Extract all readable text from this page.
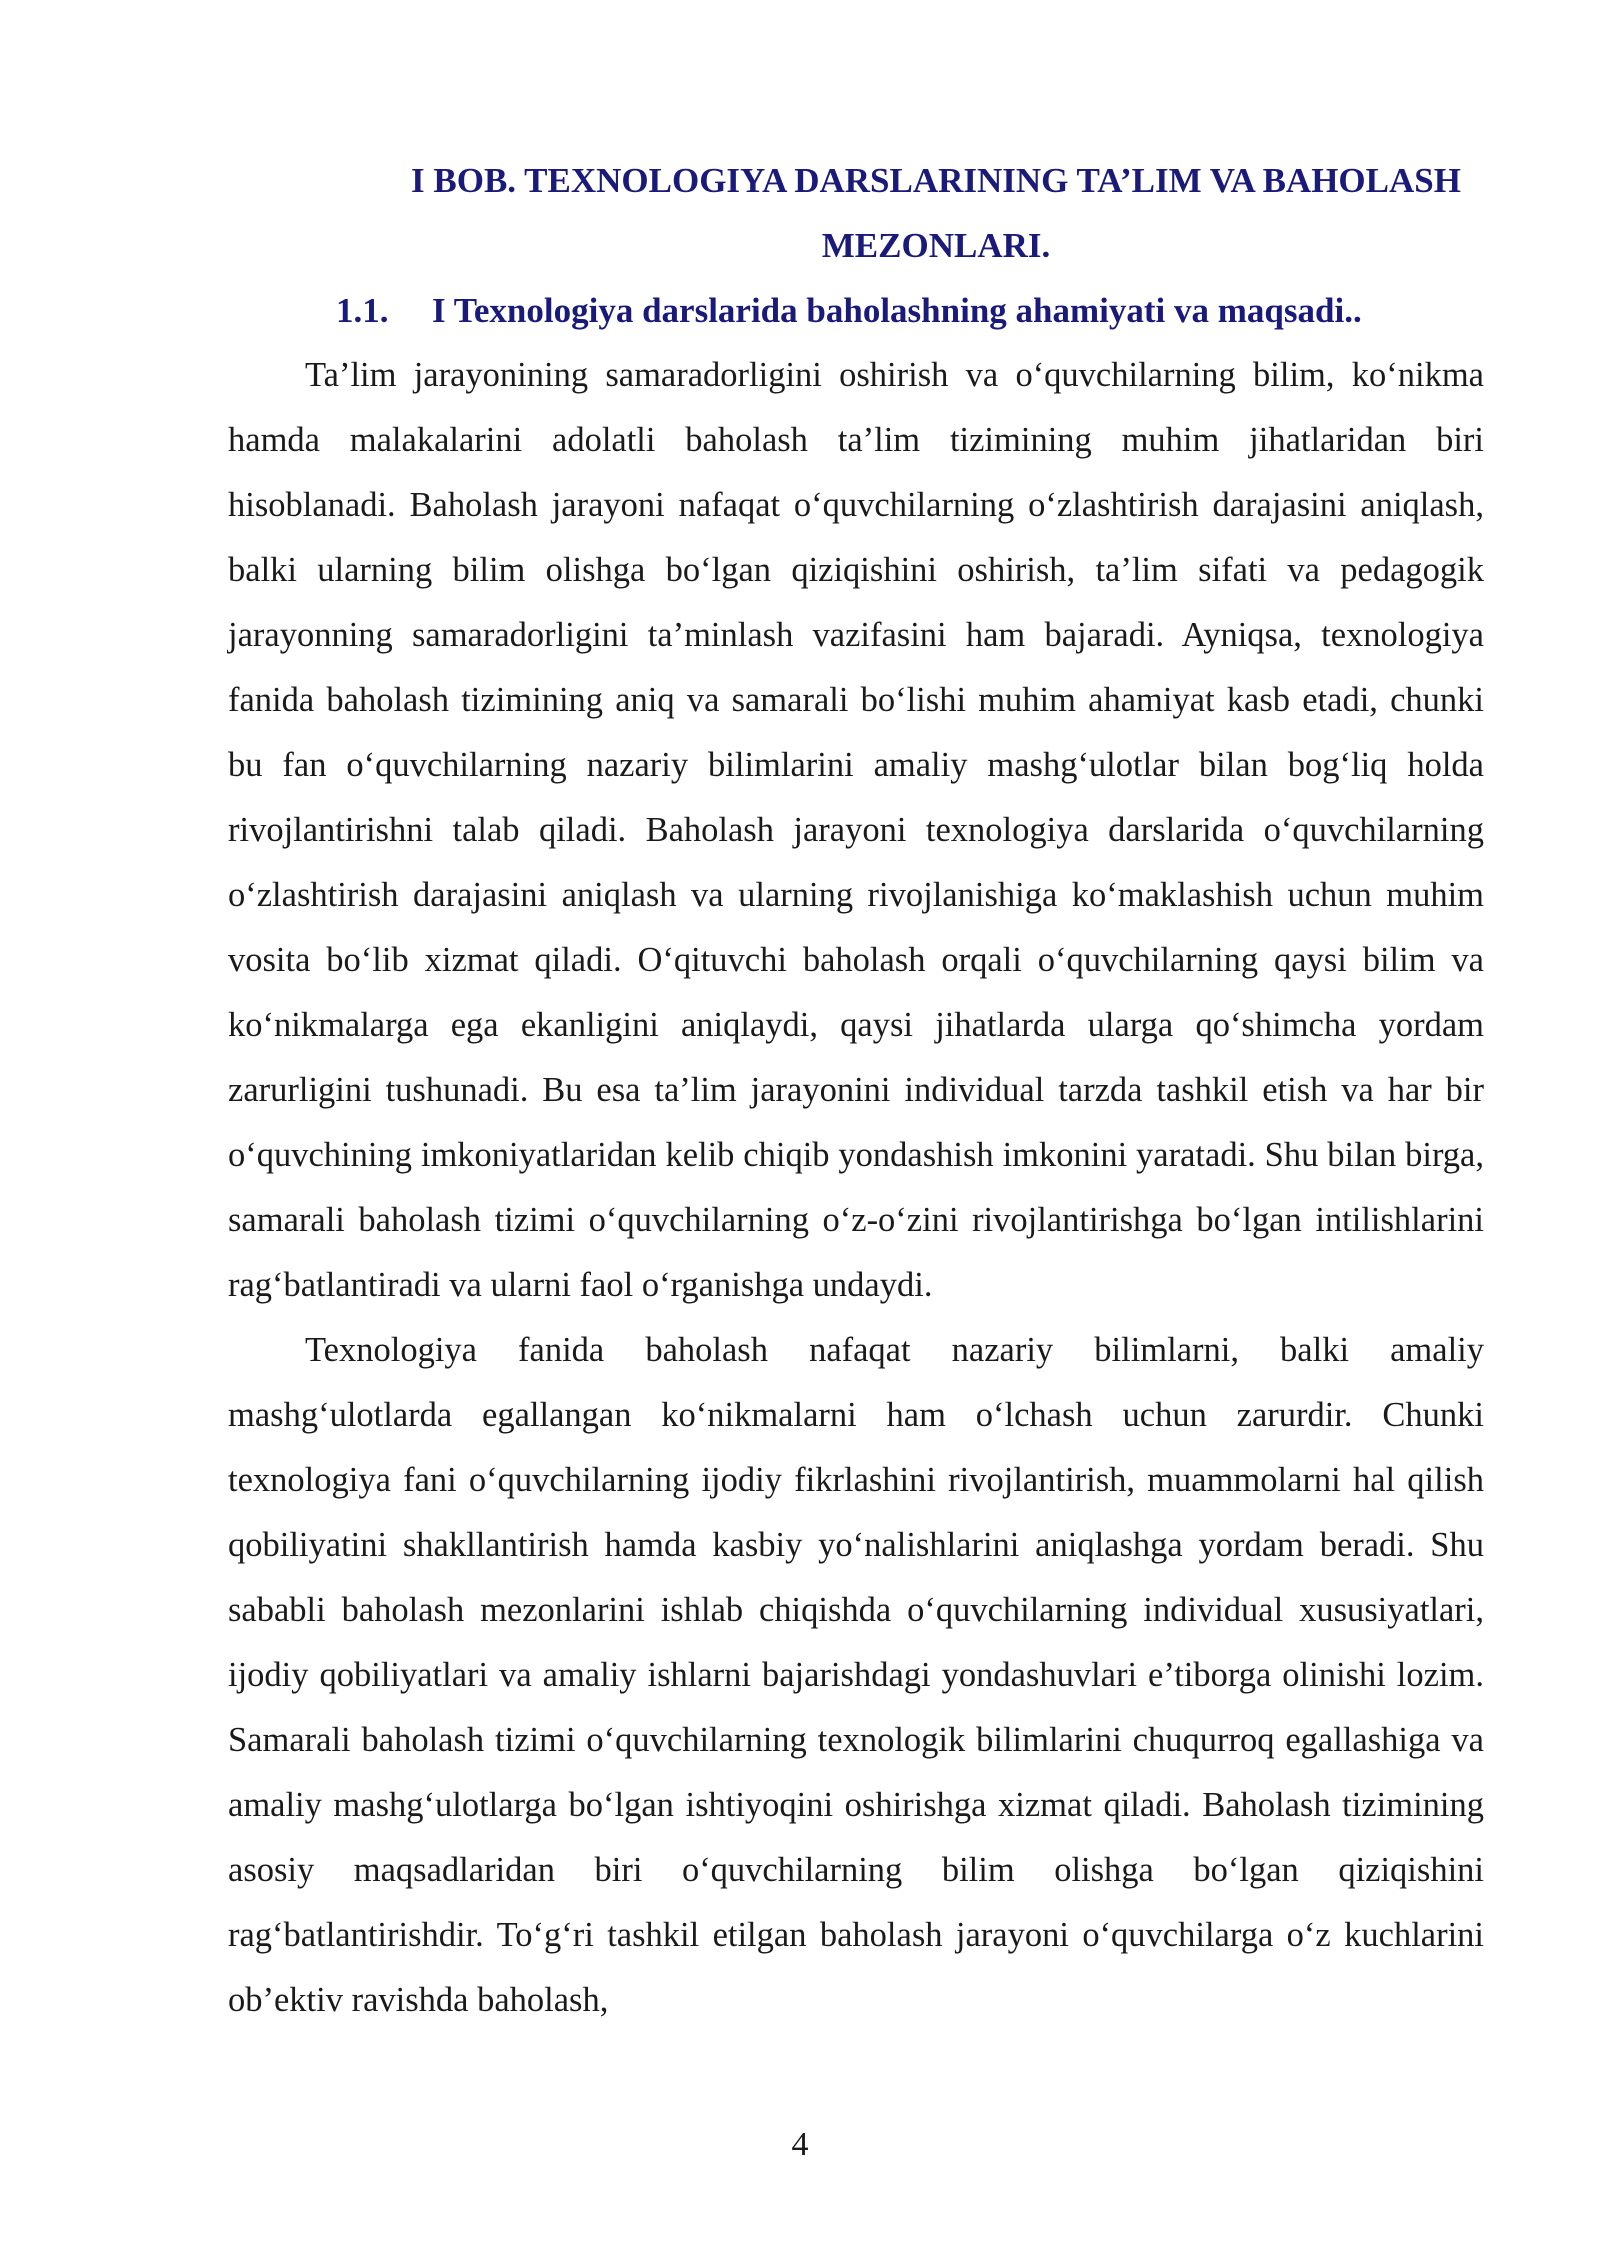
I BOB. TEXNOLOGIYA DARSLARINING TA’LIM VA BAHOLASH
MEZONLARI.
1.1. I Texnologiya darslarida baholashning ahamiyati va maqsadi..

Ta’lim jarayonining samaradorligini oshirish va o‘quvchilarning bilim, ko‘nikma hamda malakalarini adolatli baholash ta’lim tizimining muhim jihatlaridan biri hisoblanadi. Baholash jarayoni nafaqat o‘quvchilarning o‘zlashtirish darajasini aniqlash, balki ularning bilim olishga bo‘lgan qiziqishini oshirish, ta’lim sifati va pedagogik jarayonning samaradorligini ta’minlash vazifasini ham bajaradi. Ayniqsa, texnologiya fanida baholash tizimining aniq va samarali bo‘lishi muhim ahamiyat kasb etadi, chunki bu fan o‘quvchilarning nazariy bilimlarini amaliy mashg‘ulotlar bilan bog‘liq holda rivojlantirishni talab qiladi. Baholash jarayoni texnologiya darslarida o‘quvchilarning o‘zlashtirish darajasini aniqlash va ularning rivojlanishiga ko‘maklashish uchun muhim vosita bo‘lib xizmat qiladi. O‘qituvchi baholash orqali o‘quvchilarning qaysi bilim va ko‘nikmalarga ega ekanligini aniqlaydi, qaysi jihatlarda ularga qo‘shimcha yordam zarurligini tushunadi. Bu esa ta’lim jarayonini individual tarzda tashkil etish va har bir o‘quvchining imkoniyatlaridan kelib chiqib yondashish imkonini yaratadi. Shu bilan birga, samarali baholash tizimi o‘quvchilarning o‘z-o‘zini rivojlantirishga bo‘lgan intilishlarini rag‘batlantiradi va ularni faol o‘rganishga undaydi.

Texnologiya fanida baholash nafaqat nazariy bilimlarni, balki amaliy mashg‘ulotlarda egallangan ko‘nikmalarni ham o‘lchash uchun zarurdir. Chunki texnologiya fani o‘quvchilarning ijodiy fikrlashini rivojlantirish, muammolarni hal qilish qobiliyatini shakllantirish hamda kasbiy yo‘nalishlarini aniqlashga yordam beradi. Shu sababli baholash mezonlarini ishlab chiqishda o‘quvchilarning individual xususiyatlari, ijodiy qobiliyatlari va amaliy ishlarni bajarishdagi yondashuvlari e’tiborga olinishi lozim. Samarali baholash tizimi o‘quvchilarning texnologik bilimlarini chuqurroq egallashiga va amaliy mashg‘ulotlarga bo‘lgan ishtiyoqini oshirishga xizmat qiladi. Baholash tizimining asosiy maqsadlaridan biri o‘quvchilarning bilim olishga bo‘lgan qiziqishini rag‘batlantirishdir. To‘g‘ri tashkil etilgan baholash jarayoni o‘quvchilarga o‘z kuchlarini ob’ektiv ravishda baholash,

4
